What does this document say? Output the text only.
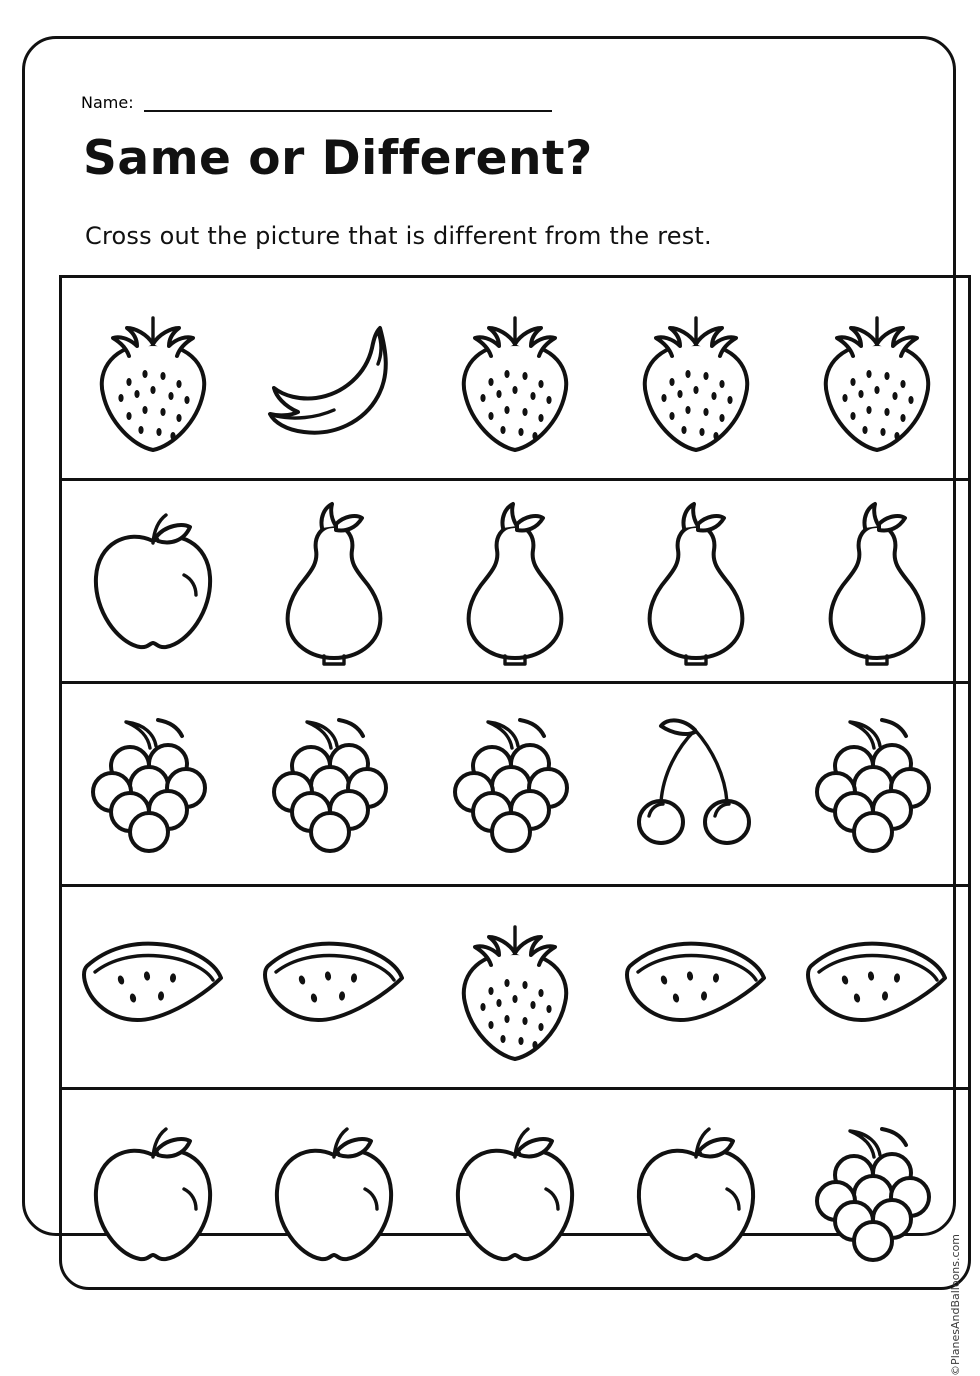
Name:
Same or Different?
Cross out the picture that is different from the rest.
©PlanesAndBalloons.com
